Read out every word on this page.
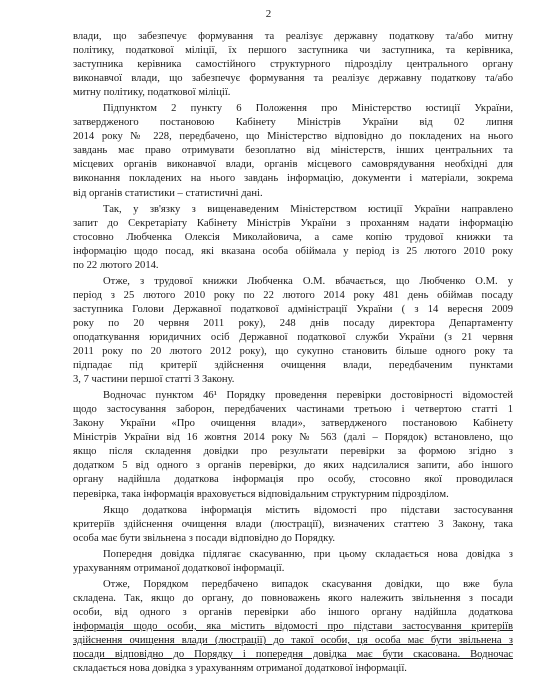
2
влади, що забезпечує формування та реалізує державну податкову та/або митну
політику, податкової міліції, їх першого заступника чи заступника, та керівника,
заступника керівника самостійного структурного підрозділу центрального органу
виконавчої влади, що забезпечує формування та реалізує державну податкову та/або
митну політику, податкової міліції.
Підпунктом 2 пункту 6 Положення про Міністерство юстиції України,
затвердженого постановою Кабінету Міністрів України від 02 липня
2014 року № 228, передбачено, що Міністерство відповідно до покладених на нього
завдань має право отримувати безоплатно від міністерств, інших центральних та
місцевих органів виконавчої влади, органів місцевого самоврядування необхідні для
виконання покладених на нього завдань інформацію, документи і матеріали, зокрема
від органів статистики – статистичні дані.
Так, у зв'язку з вищенаведеним Міністерством юстиції України направлено
запит до Секретаріату Кабінету Міністрів України з проханням надати інформацію
стосовно Любченка Олексія Миколайовича, а саме копію трудової книжки та
інформацію щодо посад, які вказана особа обіймала у період із 25 лютого 2010 року
по 22 лютого 2014.
Отже, з трудової книжки Любченка О.М. вбачається, що Любченко О.М. у
період з 25 лютого 2010 року по 22 лютого 2014 року 481 день обіймав посаду
заступника Голови Державної податкової адміністрації України ( з 14 вересня 2009
року по 20 червня 2011 року), 248 днів посаду директора Департаменту
оподаткування юридичних осіб Державної податкової служби України (з 21 червня
2011 року по 20 лютого 2012 року), що сукупно становить більше одного року та
підпадає під критерії здійснення очищення влади, передбаченим пунктами
3, 7 частини першої статті 3 Закону.
Водночас пунктом 46¹ Порядку проведення перевірки достовірності відомостей
щодо застосування заборон, передбачених частинами третьою і четвертою статті 1
Закону України «Про очищення влади», затвердженого постановою Кабінету
Міністрів України від 16 жовтня 2014 року № 563 (далі – Порядок) встановлено, що
якщо після складення довідки про результати перевірки за формою згідно з
додатком 5 від одного з органів перевірки, до яких надсилалися запити, або іншого
органу надійшла додаткова інформація про особу, стосовно якої проводилася
перевірка, така інформація враховується відповідальним структурним підрозділом.
Якщо додаткова інформація містить відомості про підстави застосування
критеріїв здійснення очищення влади (люстрації), визначених статтею 3 Закону, така
особа має бути звільнена з посади відповідно до Порядку.
Попередня довідка підлягає скасуванню, при цьому складається нова довідка з
урахуванням отриманої додаткової інформації.
Отже, Порядком передбачено випадок скасування довідки, що вже була
складена. Так, якщо до органу, до повноважень якого належить звільнення з посади
особи, від одного з органів перевірки або іншого органу надійшла додаткова
інформація щодо особи, яка містить відомості про підстави застосування критеріїв
здійснення очищення влади (люстрації) до такої особи, ця особа має бути звільнена з
посади відповідно до Порядку і попередня довідка має бути скасована. Водночас
складається нова довідка з урахуванням отриманої додаткової інформації.
